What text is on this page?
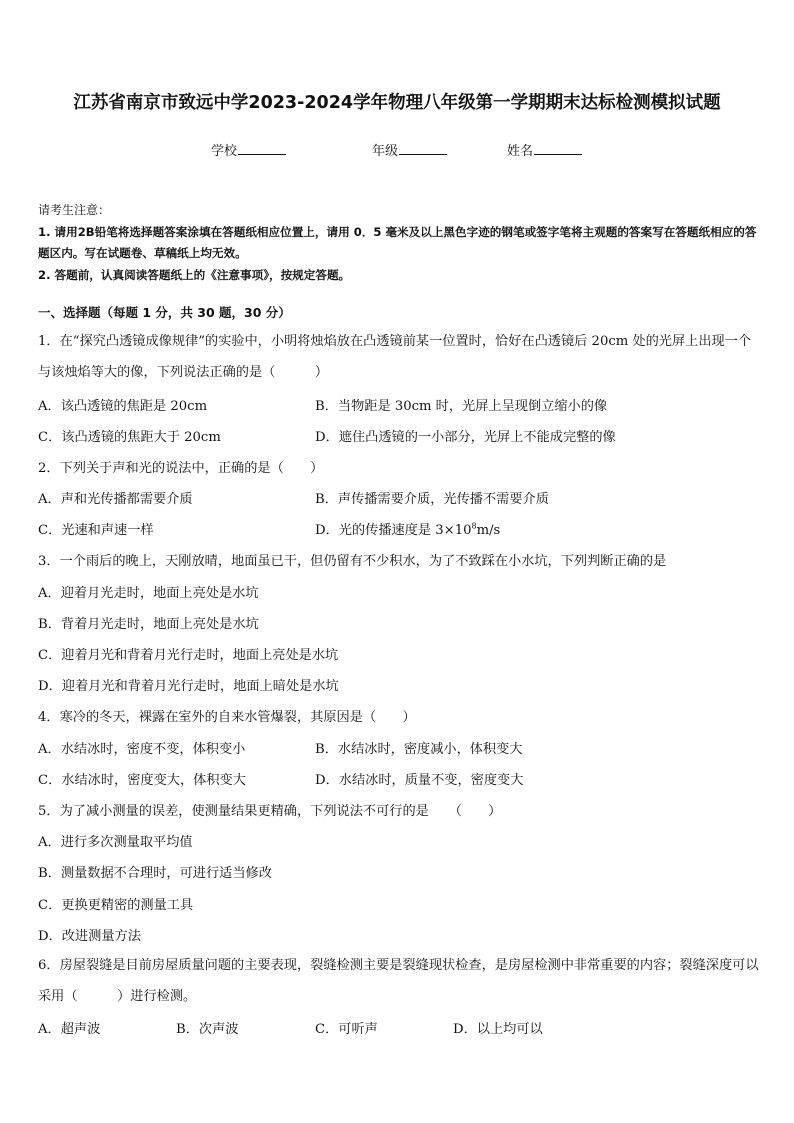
江苏省南京市致远中学2023-2024学年物理八年级第一学期期末达标检测模拟试题
学校	年级	姓名
请考生注意：
1. 请用2B铅笔将选择题答案涂填在答题纸相应位置上，请用 0．5 毫米及以上黑色字迹的钢笔或签字笔将主观题的答案写在答题纸相应的答题区内。写在试题卷、草稿纸上均无效。
2. 答题前，认真阅读答题纸上的《注意事项》，按规定答题。
一、选择题（每题 1 分，共 30 题，30 分）
1．在“探究凸透镜成像规律”的实验中，小明将烛焰放在凸透镜前某一位置时，恰好在凸透镜后 20cm 处的光屏上出现一个与该烛焰等大的像，下列说法正确的是（　　　）
A．该凸透镜的焦距是 20cm	B．当物距是 30cm 时，光屏上呈现倒立缩小的像
C．该凸透镜的焦距大于 20cm	D．遮住凸透镜的一小部分，光屏上不能成完整的像
2．下列关于声和光的说法中，正确的是（　　）
A．声和光传播都需要介质	B．声传播需要介质，光传播不需要介质
C．光速和声速一样	D．光的传播速度是 $3\times 10^8m/s$
3．一个雨后的晚上，天刚放晴，地面虽已干，但仍留有不少积水，为了不致踩在小水坑，下列判断正确的是
A．迎着月光走时，地面上亮处是水坑
B．背着月光走时，地面上亮处是水坑
C．迎着月光和背着月光行走时，地面上亮处是水坑
D．迎着月光和背着月光行走时，地面上暗处是水坑
4．寒冷的冬天，裸露在室外的自来水管爆裂，其原因是（　　）
A．水结冰时，密度不变，体积变小	B．水结冰时，密度减小，体积变大
C．水结冰时，密度变大，体积变大	D．水结冰时，质量不变，密度变大
5．为了减小测量的误差，使测量结果更精确，下列说法不可行的是　　（　　）
A．进行多次测量取平均值
B．测量数据不合理时，可进行适当修改
C．更换更精密的测量工具
D．改进测量方法
6．房屋裂缝是目前房屋质量问题的主要表现，裂缝检测主要是裂缝现状检查，是房屋检测中非常重要的内容；裂缝深度可以采用（　　　）进行检测。
A．超声波	B．次声波	C．可听声	D．以上均可以
